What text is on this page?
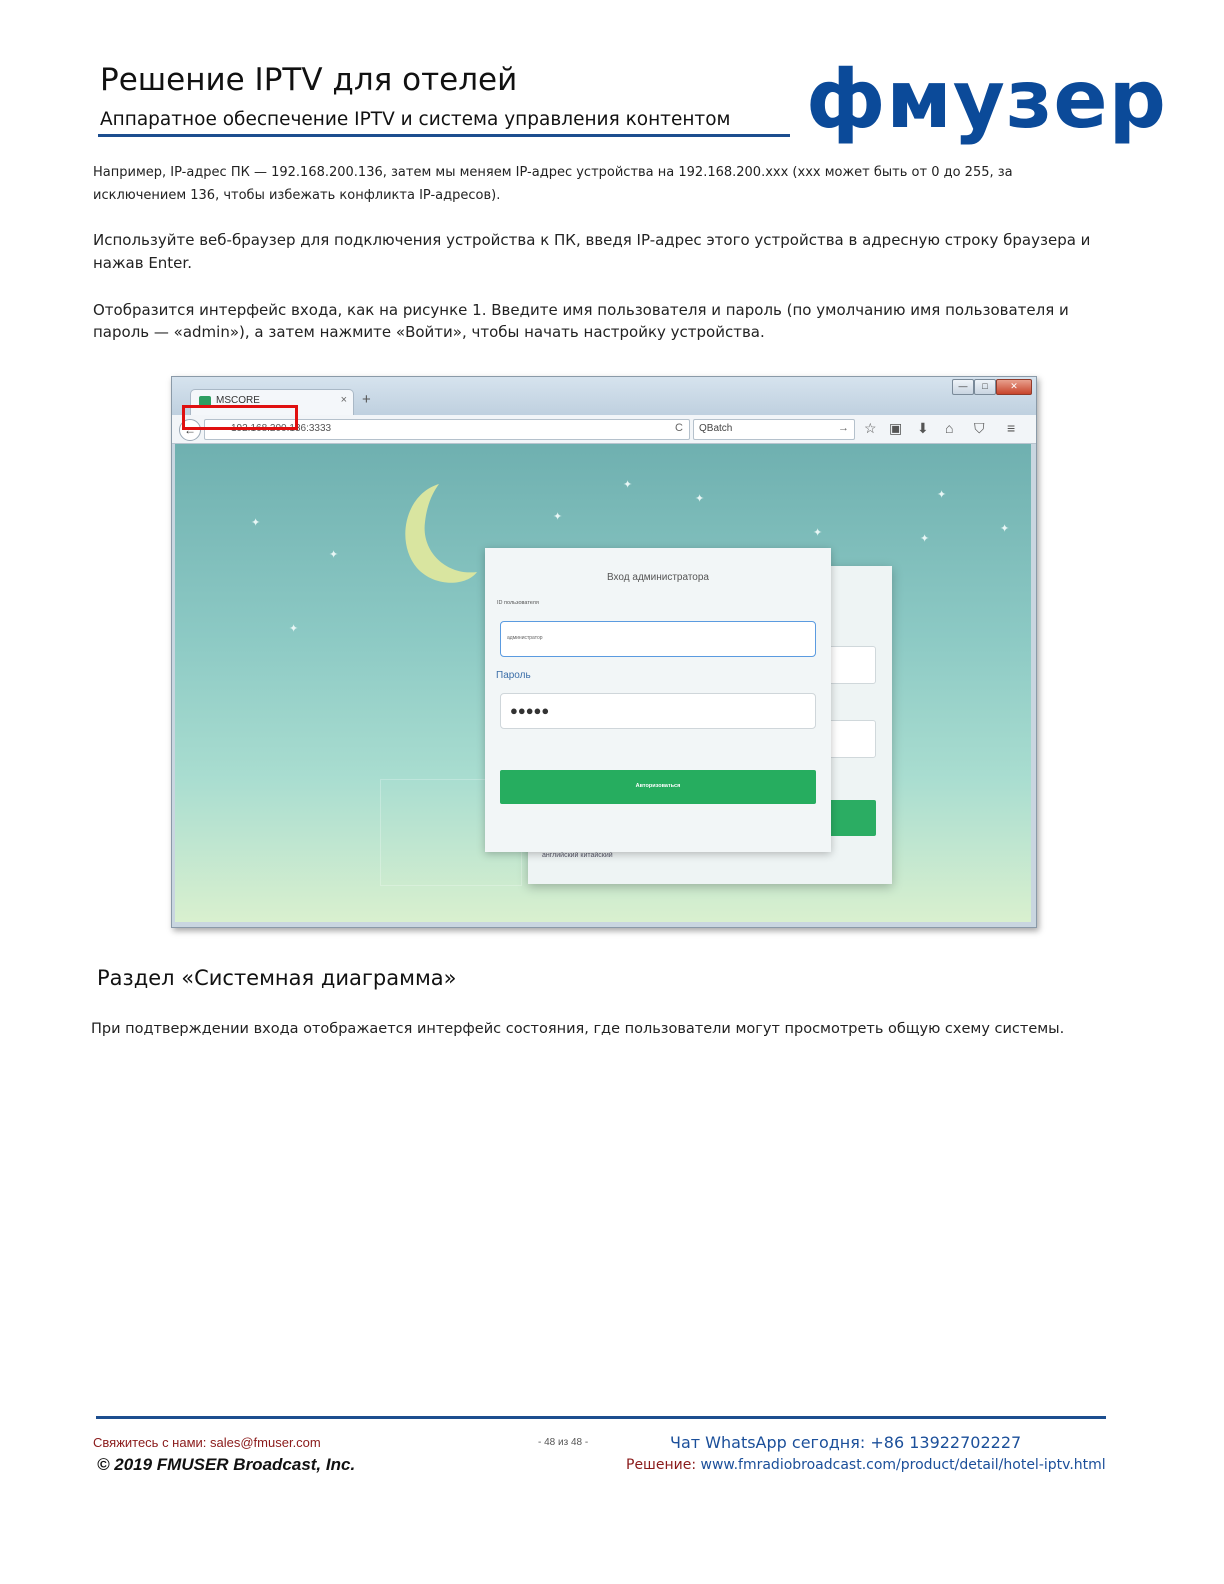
Решение IPTV для отелей
Аппаратное обеспечение IPTV и система управления контентом фмузер
Например, IP-адрес ПК — 192.168.200.136, затем мы меняем IP-адрес устройства на 192.168.200.xxx (xxx может быть от 0 до 255, за исключением 136, чтобы избежать конфликта IP-адресов).
Используйте веб-браузер для подключения устройства к ПК, введя IP-адрес этого устройства в адресную строку браузера и нажав Enter.
Отобразится интерфейс входа, как на рисунке 1. Введите имя пользователя и пароль (по умолчанию имя пользователя и пароль — «admin»), а затем нажмите «Войти», чтобы начать настройку устройства.
MSCORE	× +
—	□	✕
←	192.168.200.136:3333	C QBatch	→ ☆ ▣ ⬇ ⌂ ⛉ ≡
✦
✦
✦
✦
✦
✦
✦	✦
✦
✦
английский китайский
Вход администратора
ID пользователя
администратор
Пароль
●●●●●
Авторизоваться
Раздел «Системная диаграмма»
При подтверждении входа отображается интерфейс состояния, где пользователи могут просмотреть общую схему системы.
Свяжитесь с нами: sales@fmuser.com
© 2019 FMUSER Broadcast, Inc.
- 48 из 48 -	Чат WhatsApp сегодня: +86 13922702227
Решение: www.fmradiobroadcast.com/product/detail/hotel-iptv.html
